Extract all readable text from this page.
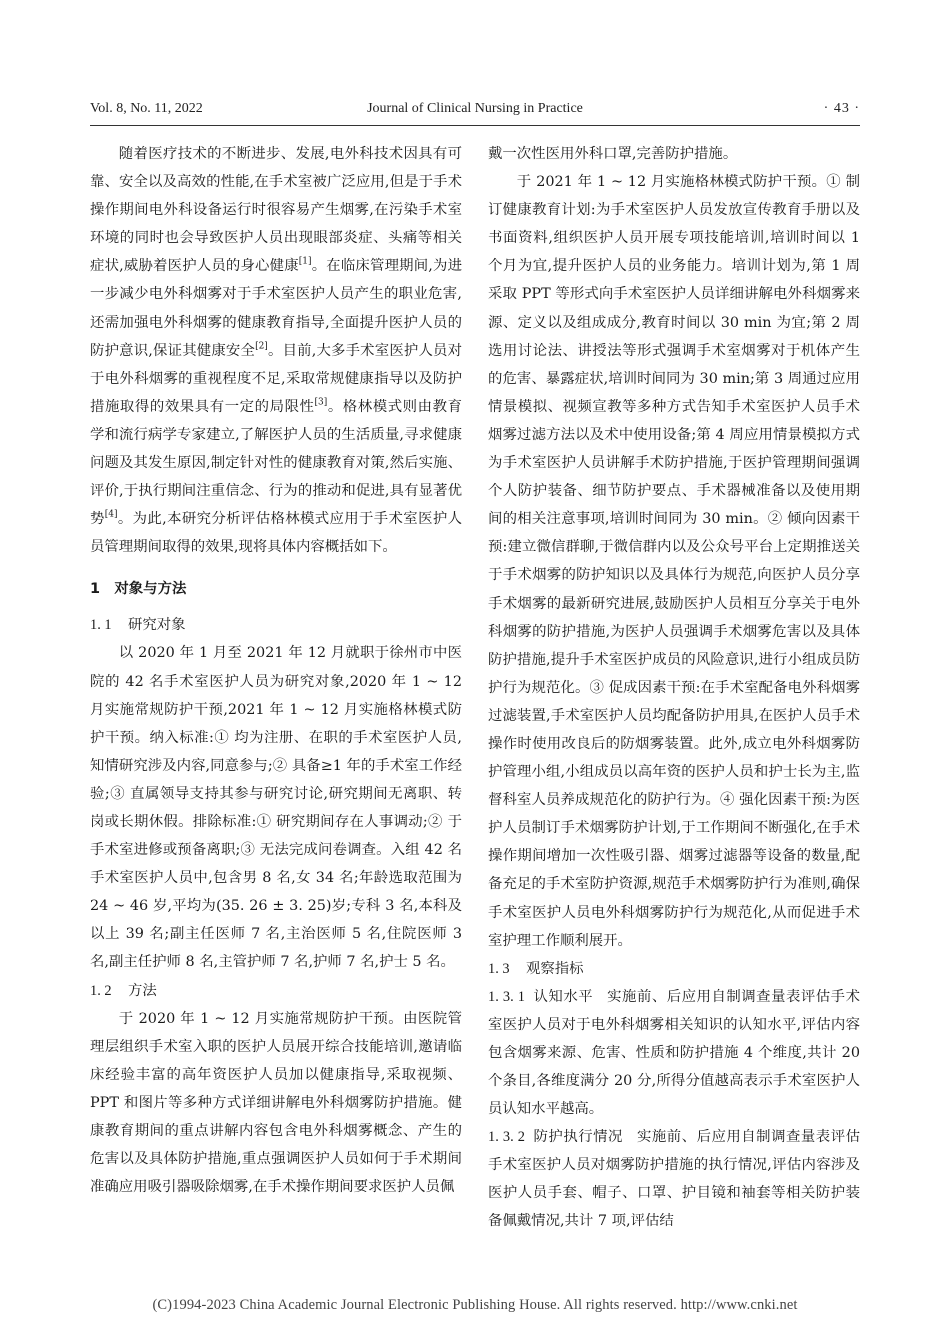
Vol. 8, No. 11, 2022	Journal of Clinical Nursing in Practice	· 43 ·

随着医疗技术的不断进步、发展,电外科技术因具有可靠、安全以及高效的性能,在手术室被广泛应用,但是于手术操作期间电外科设备运行时很容易产生烟雾,在污染手术室环境的同时也会导致医护人员出现眼部炎症、头痛等相关症状,威胁着医护人员的身心健康[1]。在临床管理期间,为进一步减少电外科烟雾对于手术室医护人员产生的职业危害,还需加强电外科烟雾的健康教育指导,全面提升医护人员的防护意识,保证其健康安全[2]。目前,大多手术室医护人员对于电外科烟雾的重视程度不足,采取常规健康指导以及防护措施取得的效果具有一定的局限性[3]。格林模式则由教育学和流行病学专家建立,了解医护人员的生活质量,寻求健康问题及其发生原因,制定针对性的健康教育对策,然后实施、评价,于执行期间注重信念、行为的推动和促进,具有显著优势[4]。为此,本研究分析评估格林模式应用于手术室医护人员管理期间取得的效果,现将具体内容概括如下。

1　对象与方法
1. 1 研究对象

以 2020 年 1 月至 2021 年 12 月就职于徐州市中医院的 42 名手术室医护人员为研究对象,2020 年 1 ~ 12 月实施常规防护干预,2021 年 1 ~ 12 月实施格林模式防护干预。纳入标准:① 均为注册、在职的手术室医护人员,知情研究涉及内容,同意参与;② 具备≥1 年的手术室工作经验;③ 直属领导支持其参与研究讨论,研究期间无离职、转岗或长期休假。排除标准:① 研究期间存在人事调动;② 于手术室进修或预备离职;③ 无法完成问卷调查。入组 42 名手术室医护人员中,包含男 8 名,女 34 名;年龄选取范围为 24 ~ 46 岁,平均为(35. 26 ± 3. 25)岁;专科 3 名,本科及以上 39 名;副主任医师 7 名,主治医师 5 名,住院医师 3 名,副主任护师 8 名,主管护师 7 名,护师 7 名,护士 5 名。

1. 2 方法

于 2020 年 1 ~ 12 月实施常规防护干预。由医院管理层组织手术室入职的医护人员展开综合技能培训,邀请临床经验丰富的高年资医护人员加以健康指导,采取视频、PPT 和图片等多种方式详细讲解电外科烟雾防护措施。健康教育期间的重点讲解内容包含电外科烟雾概念、产生的危害以及具体防护措施,重点强调医护人员如何于手术期间准确应用吸引器吸除烟雾,在手术操作期间要求医护人员佩

戴一次性医用外科口罩,完善防护措施。

于 2021 年 1 ~ 12 月实施格林模式防护干预。① 制订健康教育计划:为手术室医护人员发放宣传教育手册以及书面资料,组织医护人员开展专项技能培训,培训时间以 1 个月为宜,提升医护人员的业务能力。培训计划为,第 1 周采取 PPT 等形式向手术室医护人员详细讲解电外科烟雾来源、定义以及组成成分,教育时间以 30 min 为宜;第 2 周选用讨论法、讲授法等形式强调手术室烟雾对于机体产生的危害、暴露症状,培训时间同为 30 min;第 3 周通过应用情景模拟、视频宣教等多种方式告知手术室医护人员手术烟雾过滤方法以及术中使用设备;第 4 周应用情景模拟方式为手术室医护人员讲解手术防护措施,于医护管理期间强调个人防护装备、细节防护要点、手术器械准备以及使用期间的相关注意事项,培训时间同为 30 min。② 倾向因素干预:建立微信群聊,于微信群内以及公众号平台上定期推送关于手术烟雾的防护知识以及具体行为规范,向医护人员分享手术烟雾的最新研究进展,鼓励医护人员相互分享关于电外科烟雾的防护措施,为医护人员强调手术烟雾危害以及具体防护措施,提升手术室医护成员的风险意识,进行小组成员防护行为规范化。③ 促成因素干预:在手术室配备电外科烟雾过滤装置,手术室医护人员均配备防护用具,在医护人员手术操作时使用改良后的防烟雾装置。此外,成立电外科烟雾防护管理小组,小组成员以高年资的医护人员和护士长为主,监督科室人员养成规范化的防护行为。④ 强化因素干预:为医护人员制订手术烟雾防护计划,于工作期间不断强化,在手术操作期间增加一次性吸引器、烟雾过滤器等设备的数量,配备充足的手术室防护资源,规范手术烟雾防护行为准则,确保手术室医护人员电外科烟雾防护行为规范化,从而促进手术室护理工作顺利展开。

1. 3 观察指标
1. 3. 1 认知水平 实施前、后应用自制调查量表评估手术室医护人员对于电外科烟雾相关知识的认知水平,评估内容包含烟雾来源、危害、性质和防护措施 4 个维度,共计 20 个条目,各维度满分 20 分,所得分值越高表示手术室医护人员认知水平越高。
1. 3. 2 防护执行情况 实施前、后应用自制调查量表评估手术室医护人员对烟雾防护措施的执行情况,评估内容涉及医护人员手套、帽子、口罩、护目镜和袖套等相关防护装备佩戴情况,共计 7 项,评估结
(C)1994-2023 China Academic Journal Electronic Publishing House. All rights reserved. http://www.cnki.net
